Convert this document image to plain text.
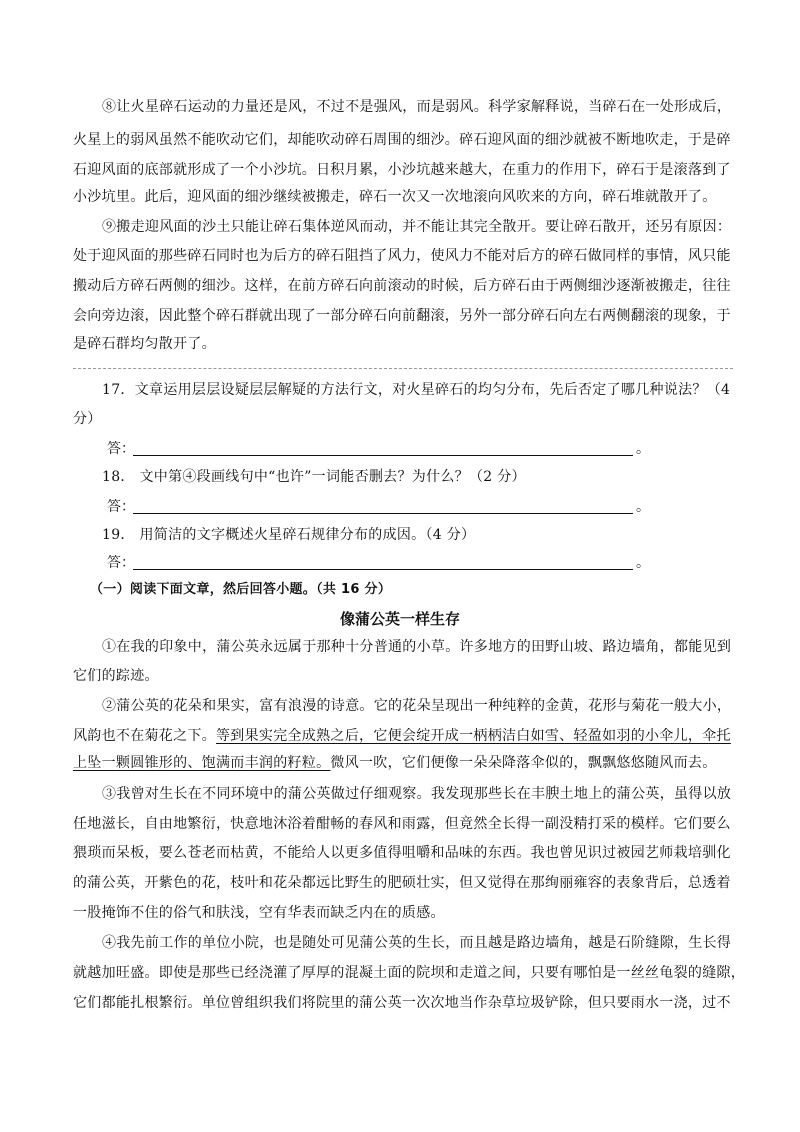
⑧让火星碎石运动的力量还是风，不过不是强风，而是弱风。科学家解释说，当碎石在一处形成后，
火星上的弱风虽然不能吹动它们，却能吹动碎石周围的细沙。碎石迎风面的细沙就被不断地吹走，于是碎
石迎风面的底部就形成了一个小沙坑。日积月累，小沙坑越来越大，在重力的作用下，碎石于是滚落到了
小沙坑里。此后，迎风面的细沙继续被搬走，碎石一次又一次地滚向风吹来的方向，碎石堆就散开了。
⑨搬走迎风面的沙土只能让碎石集体逆风而动，并不能让其完全散开。要让碎石散开，还另有原因：
处于迎风面的那些碎石同时也为后方的碎石阻挡了风力，使风力不能对后方的碎石做同样的事情，风只能
搬动后方碎石两侧的细沙。这样，在前方碎石向前滚动的时候，后方碎石由于两侧细沙逐渐被搬走，往往
会向旁边滚，因此整个碎石群就出现了一部分碎石向前翻滚，另外一部分碎石向左右两侧翻滚的现象，于
是碎石群均匀散开了。
17．文章运用层层设疑层层解疑的方法行文，对火星碎石的均匀分布，先后否定了哪几种说法？（4
分）
答：	。
18． 文中第④段画线句中“也许”一词能否删去？为什么？（2 分）
答：	。
19． 用简洁的文字概述火星碎石规律分布的成因。（4 分）
答：	。
（一）阅读下面文章，然后回答小题。（共 16 分）
像蒲公英一样生存
①在我的印象中，蒲公英永远属于那种十分普通的小草。许多地方的田野山坡、路边墙角，都能见到
它们的踪迹。
②蒲公英的花朵和果实，富有浪漫的诗意。它的花朵呈现出一种纯粹的金黄，花形与菊花一般大小，
风韵也不在菊花之下。等到果实完全成熟之后，它便会绽开成一柄柄洁白如雪、轻盈如羽的小伞儿，伞托
上坠一颗圆锥形的、饱满而丰润的籽粒。微风一吹，它们便像一朵朵降落伞似的，飘飘悠悠随风而去。
③我曾对生长在不同环境中的蒲公英做过仔细观察。我发现那些长在丰腴土地上的蒲公英，虽得以放
任地滋长，自由地繁衍，快意地沐浴着酣畅的春风和雨露，但竟然全长得一副没精打采的模样。它们要么
猥琐而呆板，要么苍老而枯黄，不能给人以更多值得咀嚼和品味的东西。我也曾见识过被园艺师栽培驯化
的蒲公英，开紫色的花，枝叶和花朵都远比野生的肥硕壮实，但又觉得在那绚丽雍容的表象背后，总透着
一股掩饰不住的俗气和肤浅，空有华表而缺乏内在的质感。
④我先前工作的单位小院，也是随处可见蒲公英的生长，而且越是路边墙角，越是石阶缝隙，生长得
就越加旺盛。即使是那些已经浇灌了厚厚的混凝土面的院坝和走道之间，只要有哪怕是一丝丝龟裂的缝隙，
它们都能扎根繁衍。单位曾组织我们将院里的蒲公英一次次地当作杂草垃圾铲除，但只要雨水一浇，过不
